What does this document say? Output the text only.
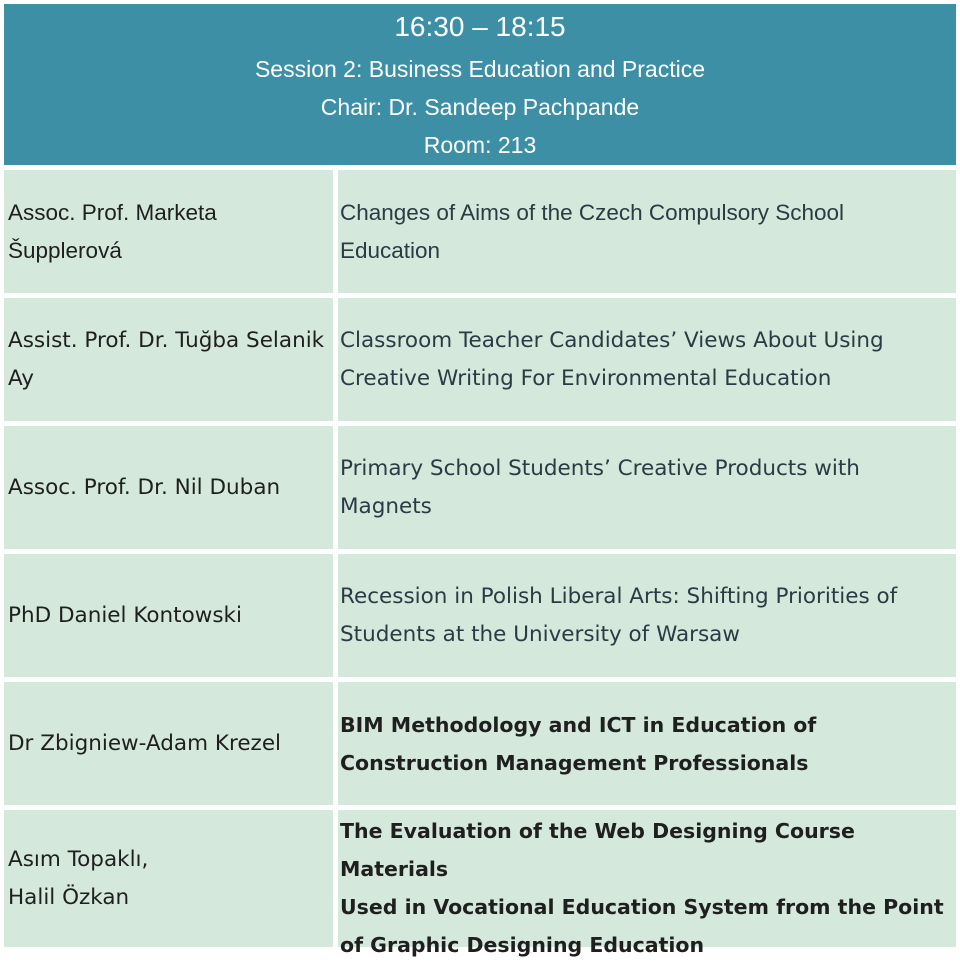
16:30 – 18:15
Session 2: Business Education and Practice
Chair: Dr. Sandeep Pachpande
Room: 213
Assoc. Prof. Marketa
Šupplerová
Changes of Aims of the Czech Compulsory School
Education
Assist. Prof. Dr. Tuğba Selanik
Ay
Classroom Teacher Candidates’ Views About Using
Creative Writing For Environmental Education
Assoc. Prof. Dr. Nil Duban
Primary School Students’ Creative Products with
Magnets
PhD Daniel Kontowski
Recession in Polish Liberal Arts: Shifting Priorities of
Students at the University of Warsaw
Dr Zbigniew-Adam Krezel
BIM Methodology and ICT in Education of
Construction Management Professionals
Asım Topaklı,
Halil Özkan
The Evaluation of the Web Designing Course Materials
Used in Vocational Education System from the Point
of Graphic Designing Education
